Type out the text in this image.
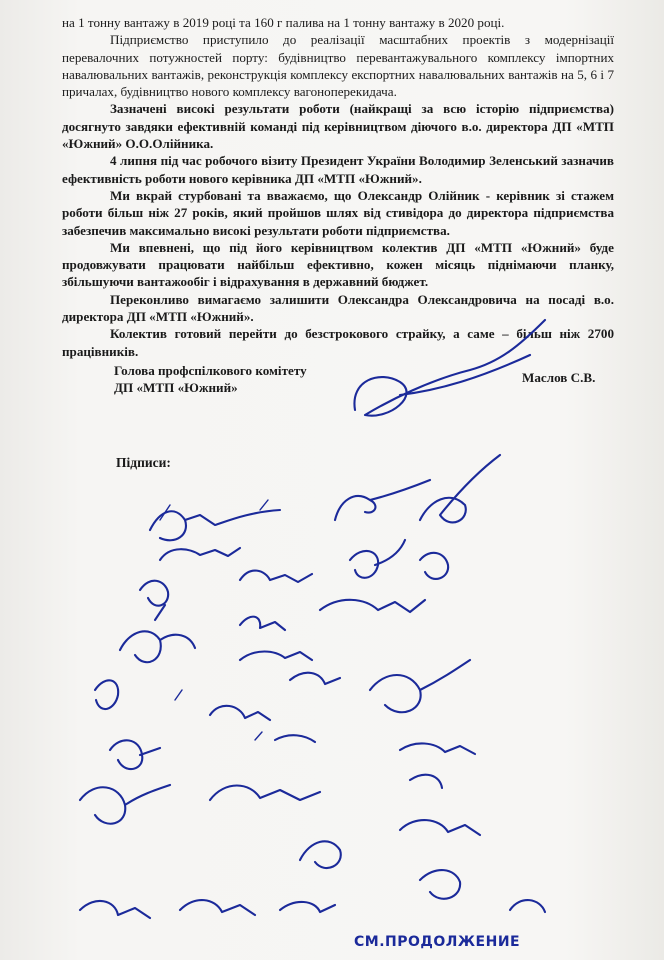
на 1 тонну вантажу в 2019 році та 160 г палива на 1 тонну вантажу в 2020 році.

Підприємство приступило до реалізації масштабних проектів з модернізації перевалочних потужностей порту: будівництво перевантажувального комплексу імпортних навалювальних вантажів, реконструкція комплексу експортних навалювальних вантажів на 5, 6 і 7 причалах, будівництво нового комплексу вагоноперекидача.

Зазначені високі результати роботи (найкращі за всю історію підприємства) досягнуто завдяки ефективній команді під керівництвом діючого в.о. директора ДП «МТП «Южний» О.О.Олійника.

4 липня під час робочого візиту Президент України Володимир Зеленський зазначив ефективність роботи нового керівника ДП «МТП «Южний».

Ми вкрай стурбовані та вважаємо, що Олександр Олійник - керівник зі стажем роботи більш ніж 27 років, який пройшов шлях від стивідора до директора підприємства забезпечив максимально високі результати роботи підприємства.

Ми впевнені, що під його керівництвом колектив ДП «МТП «Южний» буде продовжувати працювати найбільш ефективно, кожен місяць піднімаючи планку, збільшуючи вантажообіг і відрахування в державний бюджет.

Переконливо вимагаємо залишити Олександра Олександровича на посаді в.о. директора ДП «МТП «Южний».

Колектив готовий перейти до безстрокового страйку, а саме – більш ніж 2700 працівників.

Голова профспілкового комітету
ДП «МТП «Южний»
Маслов С.В.
Підписи:
СМ.ПРОДОЛЖЕНИЕ
